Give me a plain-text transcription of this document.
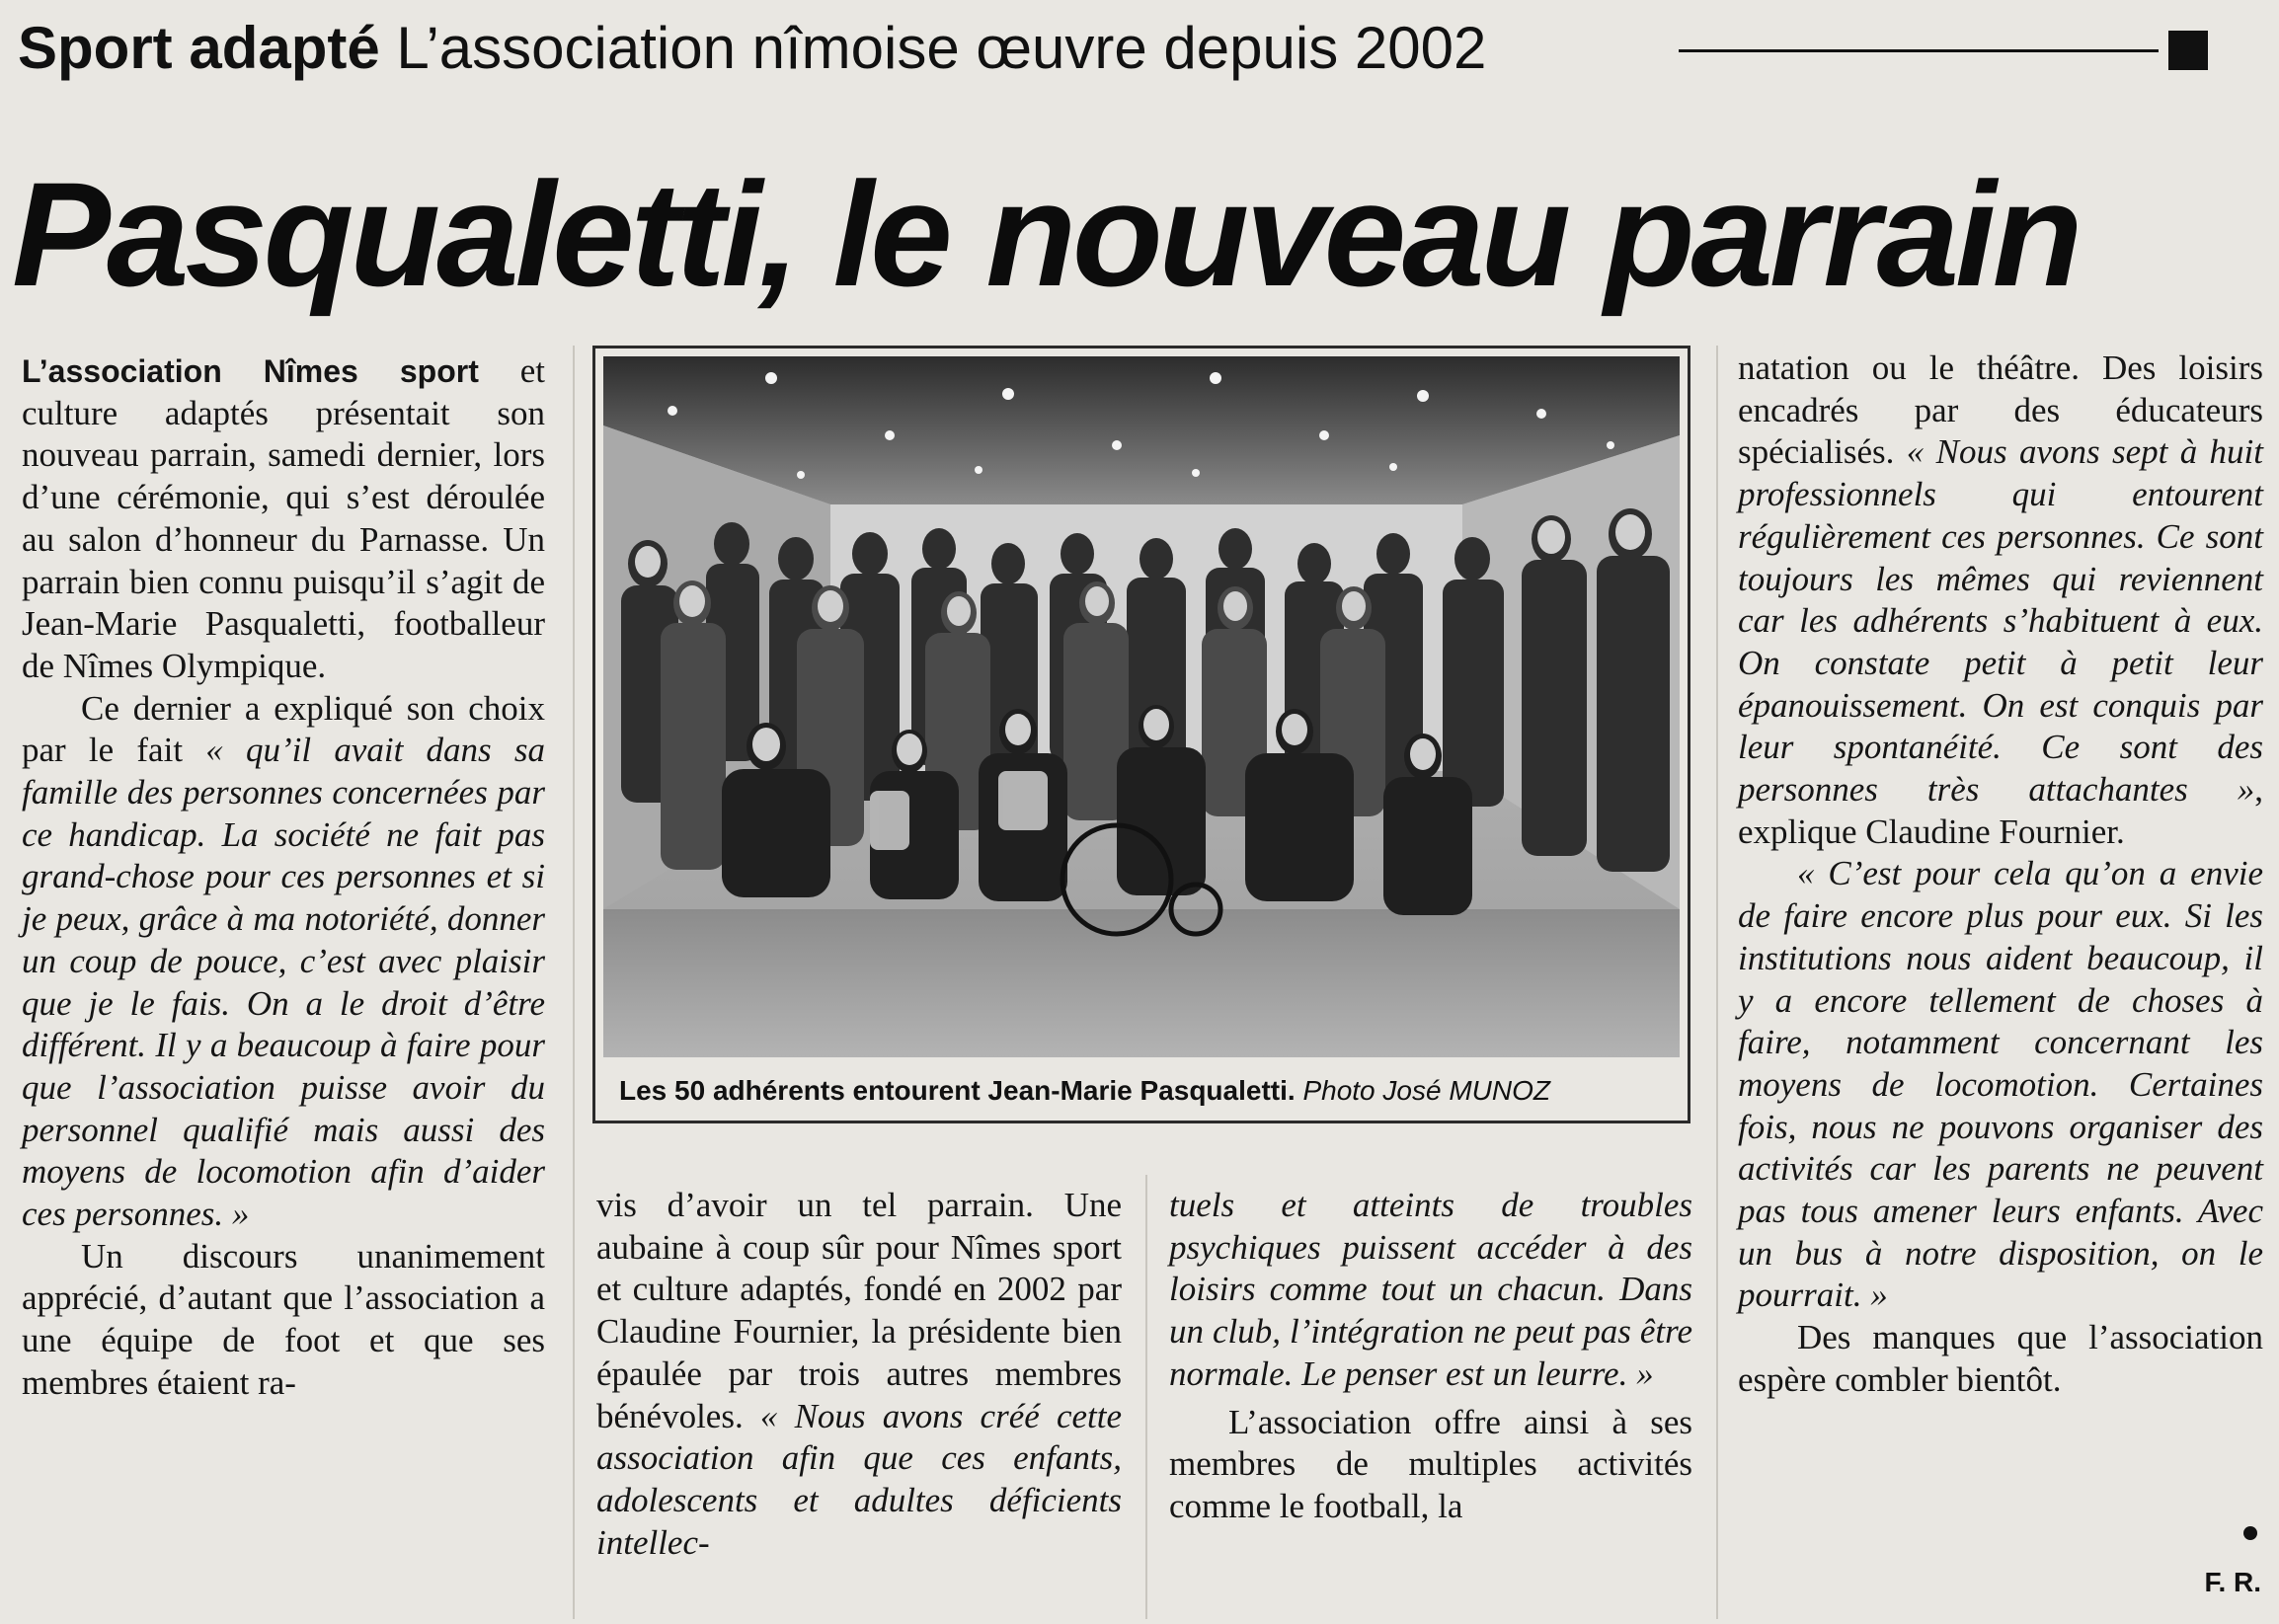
Sport adapté L’association nîmoise œuvre depuis 2002
Pasqualetti, le nouveau parrain

L’association Nîmes sport et culture adaptés présentait son nouveau parrain, samedi dernier, lors d’une cérémonie, qui s’est déroulée au salon d’honneur du Parnasse. Un parrain bien connu puisqu’il s’agit de Jean-Marie Pasqualetti, footballeur de Nîmes Olympique.

Ce dernier a expliqué son choix par le fait « qu’il avait dans sa famille des personnes concernées par ce handicap. La société ne fait pas grand-chose pour ces personnes et si je peux, grâce à ma notoriété, donner un coup de pouce, c’est avec plaisir que je le fais. On a le droit d’être différent. Il y a beaucoup à faire pour que l’association puisse avoir du personnel qualifié mais aussi des moyens de locomotion afin d’aider ces personnes. »

Un discours unanimement apprécié, d’autant que l’association a une équipe de foot et que ses membres étaient ra-

Les 50 adhérents entourent Jean-Marie Pasqualetti. Photo José MUNOZ

vis d’avoir un tel parrain. Une aubaine à coup sûr pour Nîmes sport et culture adaptés, fondé en 2002 par Claudine Fournier, la présidente bien épaulée par trois autres membres bénévoles. « Nous avons créé cette association afin que ces enfants, adolescents et adultes déficients intellec-

tuels et atteints de troubles psychiques puissent accéder à des loisirs comme tout un chacun. Dans un club, l’intégration ne peut pas être normale. Le penser est un leurre. »

L’association offre ainsi à ses membres de multiples activités comme le football, la

natation ou le théâtre. Des loisirs encadrés par des éducateurs spécialisés. « Nous avons sept à huit professionnels qui entourent régulièrement ces personnes. Ce sont toujours les mêmes qui reviennent car les adhérents s’habituent à eux. On constate petit à petit leur épanouissement. On est conquis par leur spontanéité. Ce sont des personnes très attachantes », explique Claudine Fournier.

« C’est pour cela qu’on a envie de faire encore plus pour eux. Si les institutions nous aident beaucoup, il y a encore tellement de choses à faire, notamment concernant les moyens de locomotion. Certaines fois, nous ne pouvons organiser des activités car les parents ne peuvent pas tous amener leurs enfants. Avec un bus à notre disposition, on le pourrait. »

Des manques que l’association espère combler bientôt.

F. R.
